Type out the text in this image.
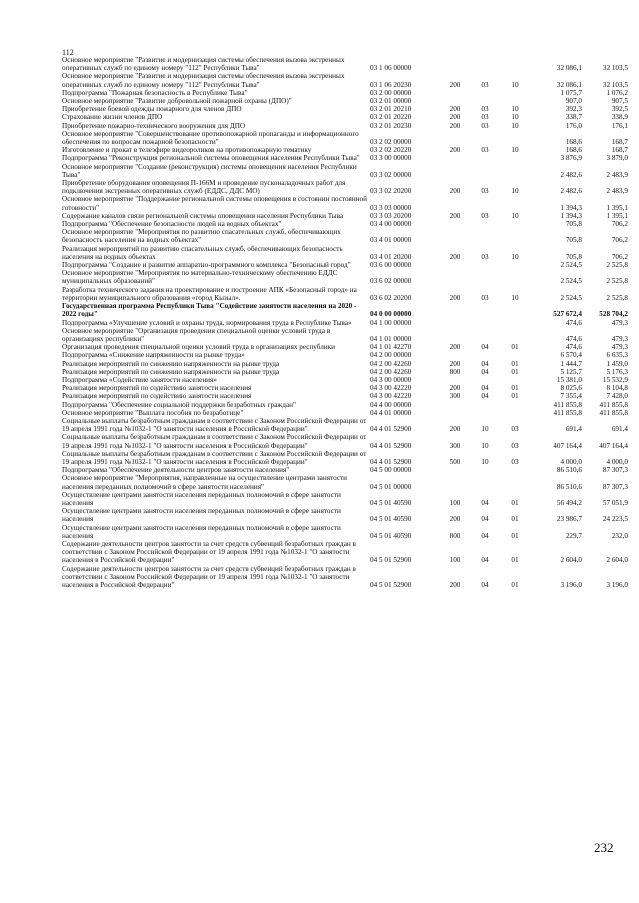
112
Основное мероприятие "Развитие и модернизация системы обеспечения вызова экстренных оперативных служб по единому номеру "112" Республики Тыва"	03 1 06 00000	32 086,1	32 103,5
Основное мероприятие "Развитие и модернизация системы обеспечения вызова экстренных оперативных служб по единому номеру "112" Республики Тыва"	03 1 06 20230	200	03	10	32 086,1	32 103,5
Подпрограмма "Пожарная безопасность в Республике Тыва"	03 2 00 00000	1 075,7	1 076,2
Основное мероприятие "Развитие добровольной пожарной охраны (ДПО)"	03 2 01 00000	907,0	907,5
Приобретение боевой одежды пожарного для членов ДПО	03 2 01 20210	200	03	10	392,3	392,5
Страхование жизни членов ДПО	03 2 01 20220	200	03	10	338,7	338,9
Приобретение пожарно-технического вооружения для ДПО	03 2 01 20230	200	03	10	176,0	176,1
Основное мероприятие "Совершенствование противопожарной пропаганды и информационного обеспечения по вопросам пожарной безопасности"	03 2 02 00000	168,6	168,7
Изготовление и прокат в телеэфире видеороликов на противопожарную тематику	03 2 02 20220	200	03	10	168,6	168,7
Подпрограмма "Реконструкция региональной системы оповещения населения Республики Тыва"	03 3 00 00000	3 876,9	3 879,0
Основное мероприятие "Создание (реконструкция) системы оповещения населения Республики Тыва"	03 3 02 00000	2 482,6	2 483,9
Приобретение оборудования оповещения П-166М и проведение пусконаладочных работ для подключения экстренных оперативных служб (ЕДДС, ДДС МО)	03 3 02 20200	200	03	10	2 482,6	2 483,9
Основное мероприятие "Поддержание региональной системы оповещения в состоянии постоянной готовности"	03 3 03 00000	1 394,3	1 395,1
Содержание каналов связи региональной системы оповещения населения Республики Тыва	03 3 03 20200	200	03	10	1 394,3	1 395,1
Подпрограмма "Обеспечение безопасности людей на водных объектах"	03 4 00 00000	705,8	706,2
Основное мероприятие "Мероприятия по развитию спасательных служб, обеспечивающих безопасность населения на водных объектах"	03 4 01 00000	705,8	706,2
Реализация мероприятий по развитию спасательных служб, обеспечивающих безопасность населения на водных объектах	03 4 01 20200	200	03	10	705,8	706,2
Подпрограмма "Создание и развитие аппаратно-программного комплекса "Безопасный город"	03 6 00 00000	2 524,5	2 525,8
Основное мероприятие "Мероприятия по материально-техническому обеспечению ЕДДС муниципальных образований"	03 6 02 00000	2 524,5	2 525,8
Разработка технического задания на проектирование и построение АПК «Безопасный город» на территории муниципального образования «город Кызыл».	03 6 02 20200	200	03	10	2 524,5	2 525,8
Государственная программа Республики Тыва "Содействие занятости населения на 2020 - 2022 годы"	04 0 00 00000	527 672,4	528 704,2
Подпрограмма «Улучшение условий и охраны труда, нормирования труда в Республике Тыва»	04 1 00 00000	474,6	479,3
Основное мероприятие "Организация проведения специальной оценки условий труда в организациях республики"	04 1 01 00000	474,6	479,3
Организация проведения специальной оценки условий труда в организациях республики	04 1 01 42270	200	04	01	474,6	479,3
Подпрограмма «Снижение напряженности на рынке труда»	04 2 00 00000	6 570,4	6 635,3
Реализация мероприятий по снижению напряженности на рынке труда	04 2 00 42260	200	04	01	1 444,7	1 459,0
Реализация мероприятий по снижению напряженности на рынке труда	04 2 00 42260	800	04	01	5 125,7	5 176,3
Подпрограмма «Содействие занятости населения»	04 3 00 00000	15 381,0	15 532,9
Реализация мероприятий по содействию занятости населения	04 3 00 42220	200	04	01	8 025,6	8 104,8
Реализация мероприятий по содействию занятости населения	04 3 00 42220	300	04	01	7 355,4	7 428,0
Подпрограмма "Обеспечение социальной поддержки безработных граждан"	04 4 00 00000	411 855,8	411 855,8
Основное мероприятие "Выплата пособия по безработице"	04 4 01 00000	411 855,8	411 855,8
Социальные выплаты безработным гражданам в соответствии с Законом Российской Федерации от 19 апреля 1991 года №1032-1 "О занятости населения в Российской Федерации"	04 4 01 52900	200	10	03	691,4	691,4
Социальные выплаты безработным гражданам в соответствии с Законом Российской Федерации от 19 апреля 1991 года №1032-1 "О занятости населения в Российской Федерации"	04 4 01 52900	300	10	03	407 164,4	407 164,4
Социальные выплаты безработным гражданам в соответствии с Законом Российской Федерации от 19 апреля 1991 года №1032-1 "О занятости населения в Российской Федерации"	04 4 01 52900	500	10	03	4 000,0	4 000,0
Подпрограмма "Обеспечение деятельности центров занятости населения"	04 5 00 00000	86 510,6	87 307,3
Основное мероприятие "Мероприятия, направленные на осуществление центрами занятости населения переданных полномочий в сфере занятости населения"	04 5 01 00000	86 510,6	87 307,3
Осуществление центрами занятости населения переданных полномочий в сфере занятости населения	04 5 01 40590	100	04	01	56 494,2	57 051,9
Осуществление центрами занятости населения переданных полномочий в сфере занятости населения	04 5 01 40590	200	04	01	23 986,7	24 223,5
Осуществление центрами занятости населения переданных полномочий в сфере занятости населения	04 5 01 40590	800	04	01	229,7	232,0
Содержание деятельности центров занятости за счет средств субвенций безработных граждан в соответствии с Законом Российской Федерации от 19 апреля 1991 года №1032-1 "О занятости населения в Российской Федерации"	04 5 01 52900	100	04	01	2 604,0	2 604,0
Содержание деятельности центров занятости за счет средств субвенций безработных граждан в соответствии с Законом Российской Федерации от 19 апреля 1991 года №1032-1 "О занятости населения в Российской Федерации"	04 5 01 52900	200	04	01	3 196,0	3 196,0
232
